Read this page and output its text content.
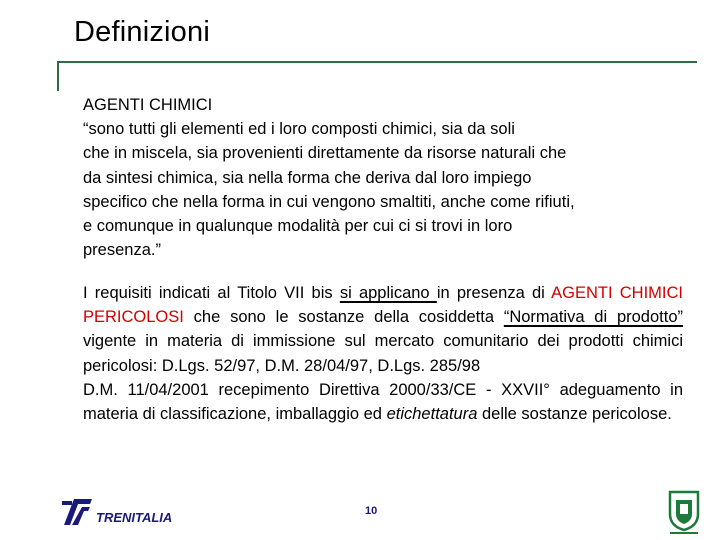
Definizioni
AGENTI CHIMICI
“sono tutti gli elementi ed i loro composti chimici, sia da soli
che in miscela, sia provenienti direttamente da risorse naturali che
da sintesi chimica, sia nella forma che deriva dal loro impiego
specifico che nella forma in cui vengono smaltiti, anche come rifiuti,
e comunque in qualunque modalità per cui ci si trovi in loro
presenza.”
I requisiti indicati al Titolo VII bis si applicano in presenza di AGENTI CHIMICI PERICOLOSI che sono le sostanze della cosiddetta “Normativa di prodotto” vigente in materia di immissione sul mercato comunitario dei prodotti chimici pericolosi: D.Lgs. 52/97, D.M. 28/04/97, D.Lgs. 285/98
D.M. 11/04/2001 recepimento Direttiva 2000/33/CE - XXVII° adeguamento in materia di classificazione, imballaggio ed etichettatura delle sostanze pericolose.
10
TRENITALIA
